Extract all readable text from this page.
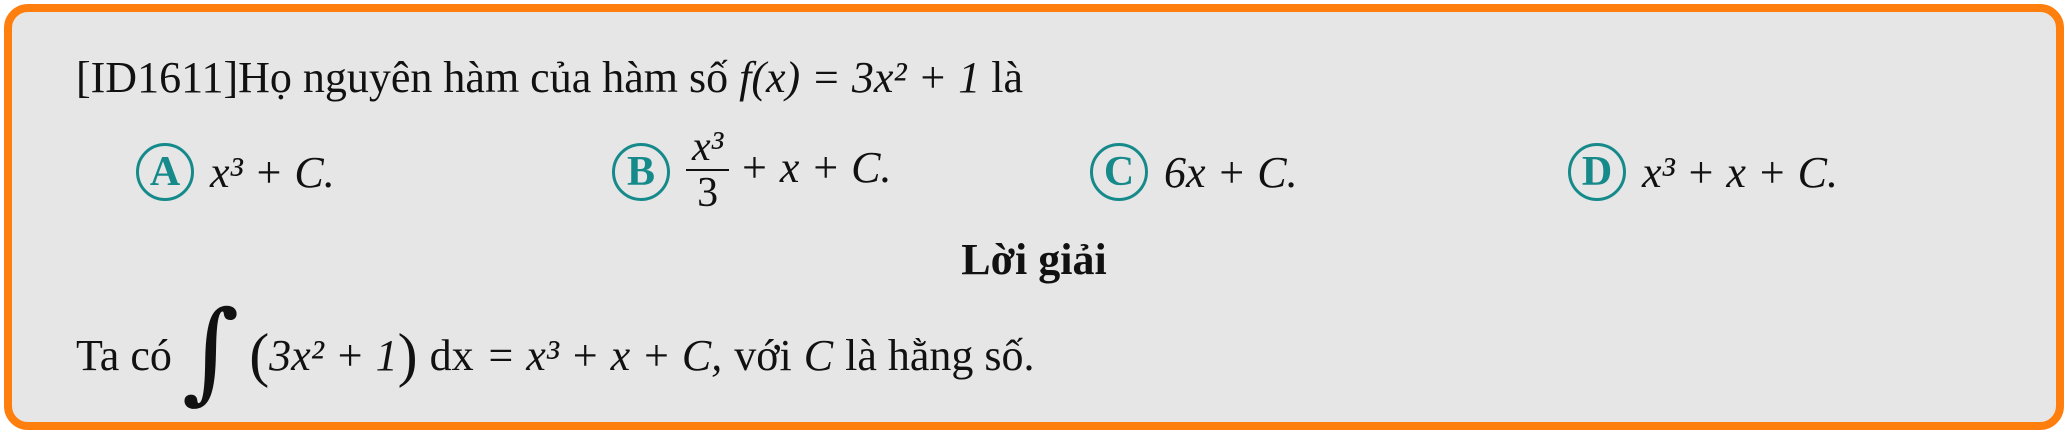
[ID1611]Họ nguyên hàm của hàm số f(x) = 3x² + 1 là
A x³ + C.	B $\frac{\text{x³}}{3} + x + C$.	C 6x + C.	D x³ + x + C.
Lời giải
Ta có ∫ ( 3x² + 1 ) dx = x³ + x + C, với C là hằng số.
